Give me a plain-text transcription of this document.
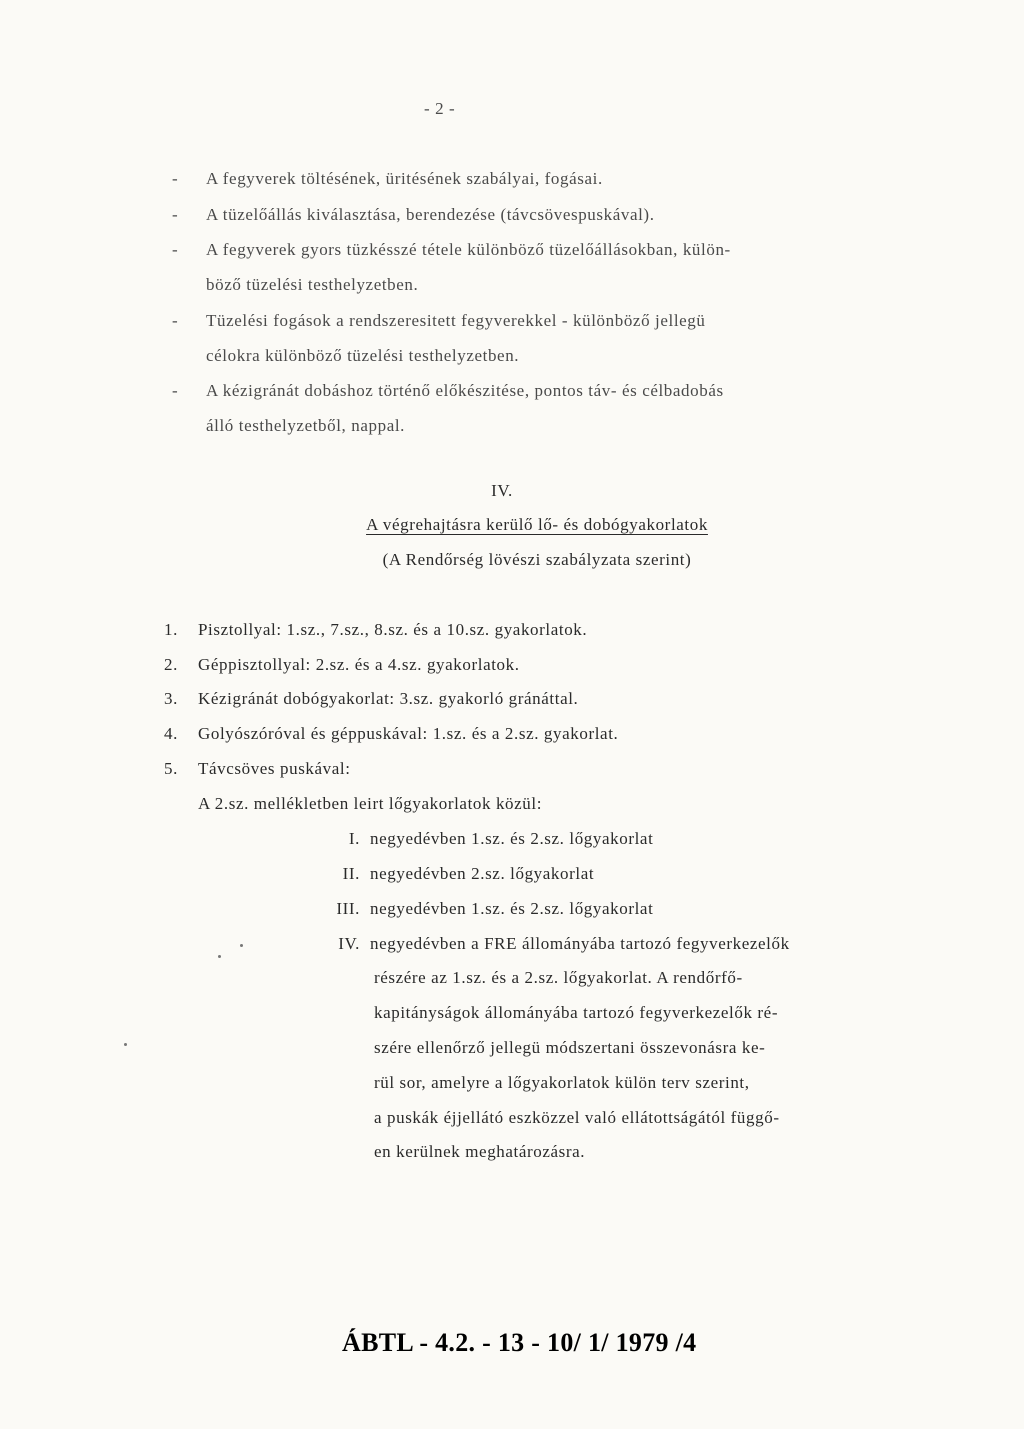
- 2 -
- A fegyverek töltésének, üritésének szabályai, fogásai.
- A tüzelőállás kiválasztása, berendezése (távcsövespuskával).
- A fegyverek gyors tüzkésszé tétele különböző tüzelőállásokban, külön-
böző tüzelési testhelyzetben.
- Tüzelési fogások a rendszeresitett fegyverekkel - különböző jellegü
célokra különböző tüzelési testhelyzetben.
- A kézigránát dobáshoz történő előkészitése, pontos táv- és célbadobás
álló testhelyzetből, nappal.
IV.
A végrehajtásra kerülő lő- és dobógyakorlatok
(A Rendőrség lövészi szabályzata szerint)
1. Pisztollyal: 1.sz., 7.sz., 8.sz. és a 10.sz. gyakorlatok.
2. Géppisztollyal: 2.sz. és a 4.sz. gyakorlatok.
3. Kézigránát dobógyakorlat: 3.sz. gyakorló gránáttal.
4. Golyószóróval és géppuskával: 1.sz. és a 2.sz. gyakorlat.
5. Távcsöves puskával:
A 2.sz. mellékletben leirt lőgyakorlatok közül:
I. negyedévben 1.sz. és 2.sz. lőgyakorlat
II. negyedévben 2.sz. lőgyakorlat
III. negyedévben 1.sz. és 2.sz. lőgyakorlat
IV. negyedévben a FRE állományába tartozó fegyverkezelők
részére az 1.sz. és a 2.sz. lőgyakorlat. A rendőrfő-
kapitányságok állományába tartozó fegyverkezelők ré-
szére ellenőrző jellegü módszertani összevonásra ke-
rül sor, amelyre a lőgyakorlatok külön terv szerint,
a puskák éjjellátó eszközzel való ellátottságától függő-
en kerülnek meghatározásra.
ÁBTL - 4.2. - 13 - 10/ 1/ 1979 /4
